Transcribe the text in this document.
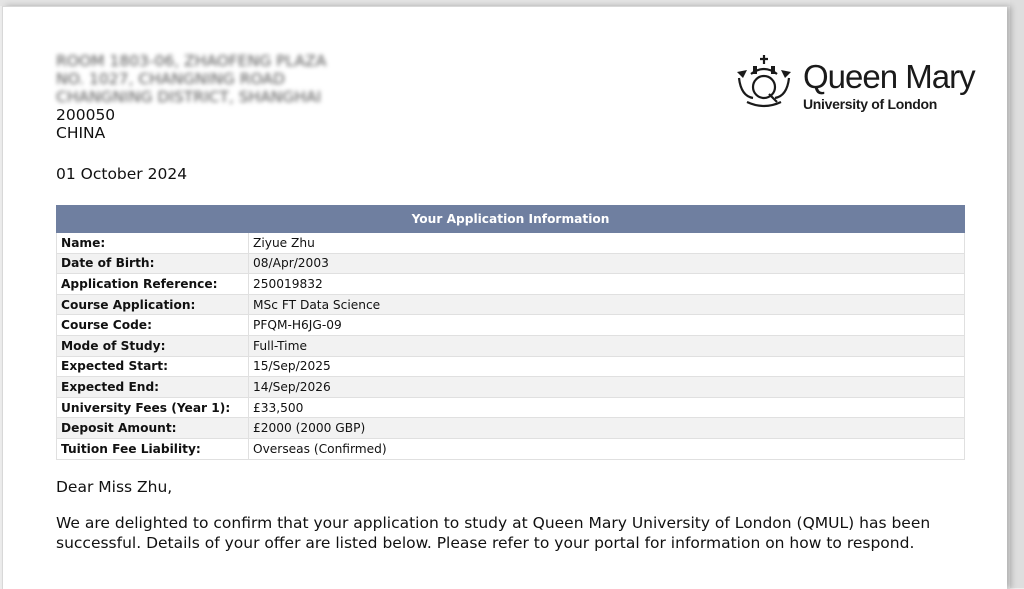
ROOM 1803-06, ZHAOFENG PLAZA
NO. 1027, CHANGNING ROAD
CHANGNING DISTRICT, SHANGHAI
200050
CHINA
01 October 2024
Queen Mary
University of London
Your Application Information	
Name:	Ziyue Zhu
Date of Birth:	08/Apr/2003
Application Reference:	250019832
Course Application:	MSc FT Data Science
Course Code:	PFQM-H6JG-09
Mode of Study:	Full-Time
Expected Start:	15/Sep/2025
Expected End:	14/Sep/2026
University Fees (Year 1):	£33,500
Deposit Amount:	£2000 (2000 GBP)
Tuition Fee Liability:	Overseas (Confirmed)
Dear Miss Zhu,
We are delighted to confirm that your application to study at Queen Mary University of London (QMUL) has been successful. Details of your offer are listed below. Please refer to your portal for information on how to respond.
